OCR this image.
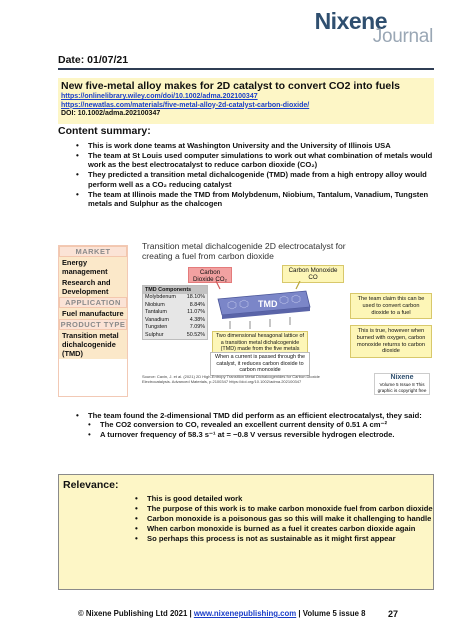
Nixene
Journal
Date: 01/07/21
New five-metal alloy makes for 2D catalyst to convert CO2 into fuels
https://onlinelibrary.wiley.com/doi/10.1002/adma.202100347
https://newatlas.com/materials/five-metal-alloy-2d-catalyst-carbon-dioxide/
DOI: 10.1002/adma.202100347
Content summary:
• This is work done teams at Washington University and the University of Illinois USA
• The team at St Louis used computer simulations to work out what combination of metals would work as the best electrocatalyst to reduce carbon dioxide (CO₂)
• They predicted a transition metal dichalcogenide (TMD) made from a high entropy alloy would perform well as a CO₂ reducing catalyst
• The team at Illinois made the TMD from Molybdenum, Niobium, Tantalum, Vanadium, Tungsten metals and Sulphur as the chalcogen
MARKET
Energy management
Research and Development
APPLICATION
Fuel manufacture
PRODUCT TYPE
Transition metal dichalcogenide (TMD)
Transition metal dichalcogenide 2D electrocatalyst for creating a fuel from carbon dioxide
Carbon Dioxide CO₂
Carbon Monoxide CO
TMD Components
Molybdenum 18.10%
Niobium	8.84%
Tantalum	11.07%
Vanadium	4.38%
Tungsten	7.09%
Sulphur	50.52%
TMD
Two dimensional hexagonal lattice of a transition metal dichalcogenide (TMD) made from the five metals
When a current is passed through the catalyst, it reduces carbon dioxide to carbon monoxide
The team claim this can be used to convert carbon dioxide to a fuel
This is true, however when burned with oxygen, carbon monoxide returns to carbon dioxide
Source: Cavin, J. et al. (2021) 2D High-Entropy Transition Metal Dichalcogenides for Carbon Dioxide Electrocatalysis. Advanced Materials, p.2100347 https://doi.org/10.1002/adma.202100347
Nixene
Volume 5 Issue 8 This graphic is copyright free
• The team found the 2-dimensional TMD did perform as an efficient electrocatalyst, they said:
• The CO2 conversion to CO, revealed an excellent current density of 0.51 A cm⁻²
• A turnover frequency of 58.3 s⁻¹ at = −0.8 V versus reversible hydrogen electrode.
Relevance:
• This is good detailed work
• The purpose of this work is to make carbon monoxide fuel from carbon dioxide
• Carbon monoxide is a poisonous gas so this will make it challenging to handle
• When carbon monoxide is burned as a fuel it creates carbon dioxide again
• So perhaps this process is not as sustainable as it might first appear
© Nixene Publishing Ltd 2021 | www.nixenepublishing.com | Volume 5 issue 8	27
